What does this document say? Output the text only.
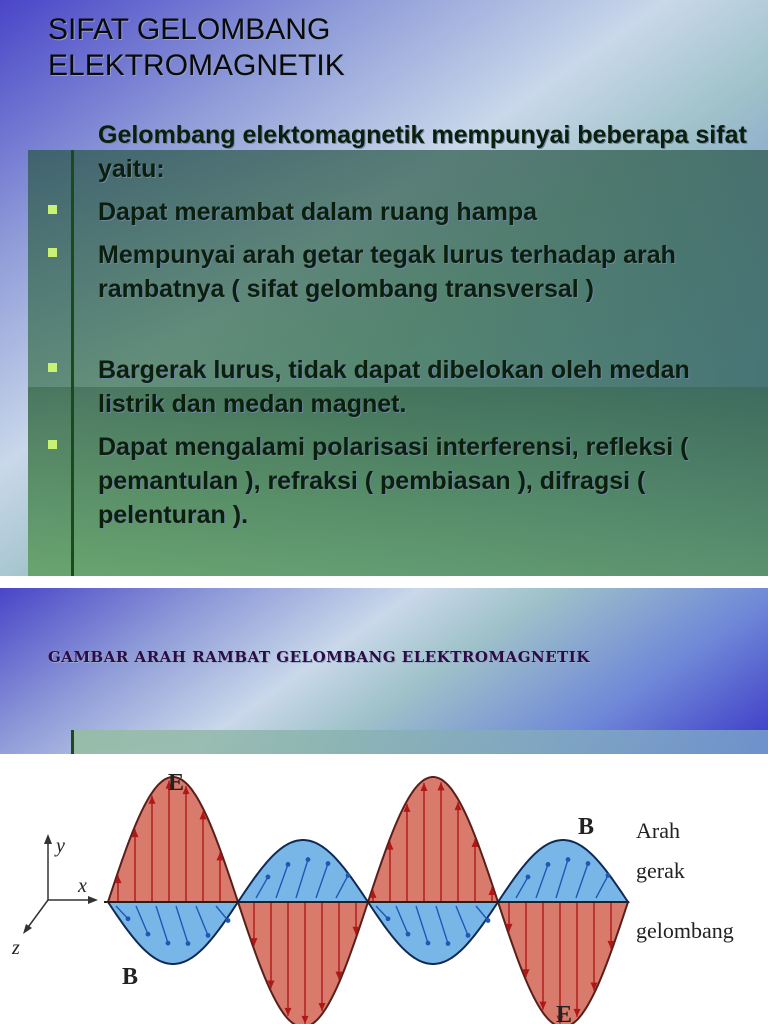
SIFAT GELOMBANG
ELEKTROMAGNETIK

Gelombang elektomagnetik mempunyai beberapa sifat yaitu:

Dapat merambat dalam ruang hampa

Mempunyai arah getar tegak lurus terhadap arah rambatnya ( sifat gelombang transversal )

Bargerak lurus, tidak dapat dibelokan oleh medan listrik dan medan magnet.

Dapat mengalami polarisasi interferensi, refleksi ( pemantulan ), refraksi ( pembiasan ), difragsi ( pelenturan ).

GAMBAR ARAH RAMBAT GELOMBANG ELEKTROMAGNETIK
y
x
z
E
E
B
B
Arah
gerak
gelombang
